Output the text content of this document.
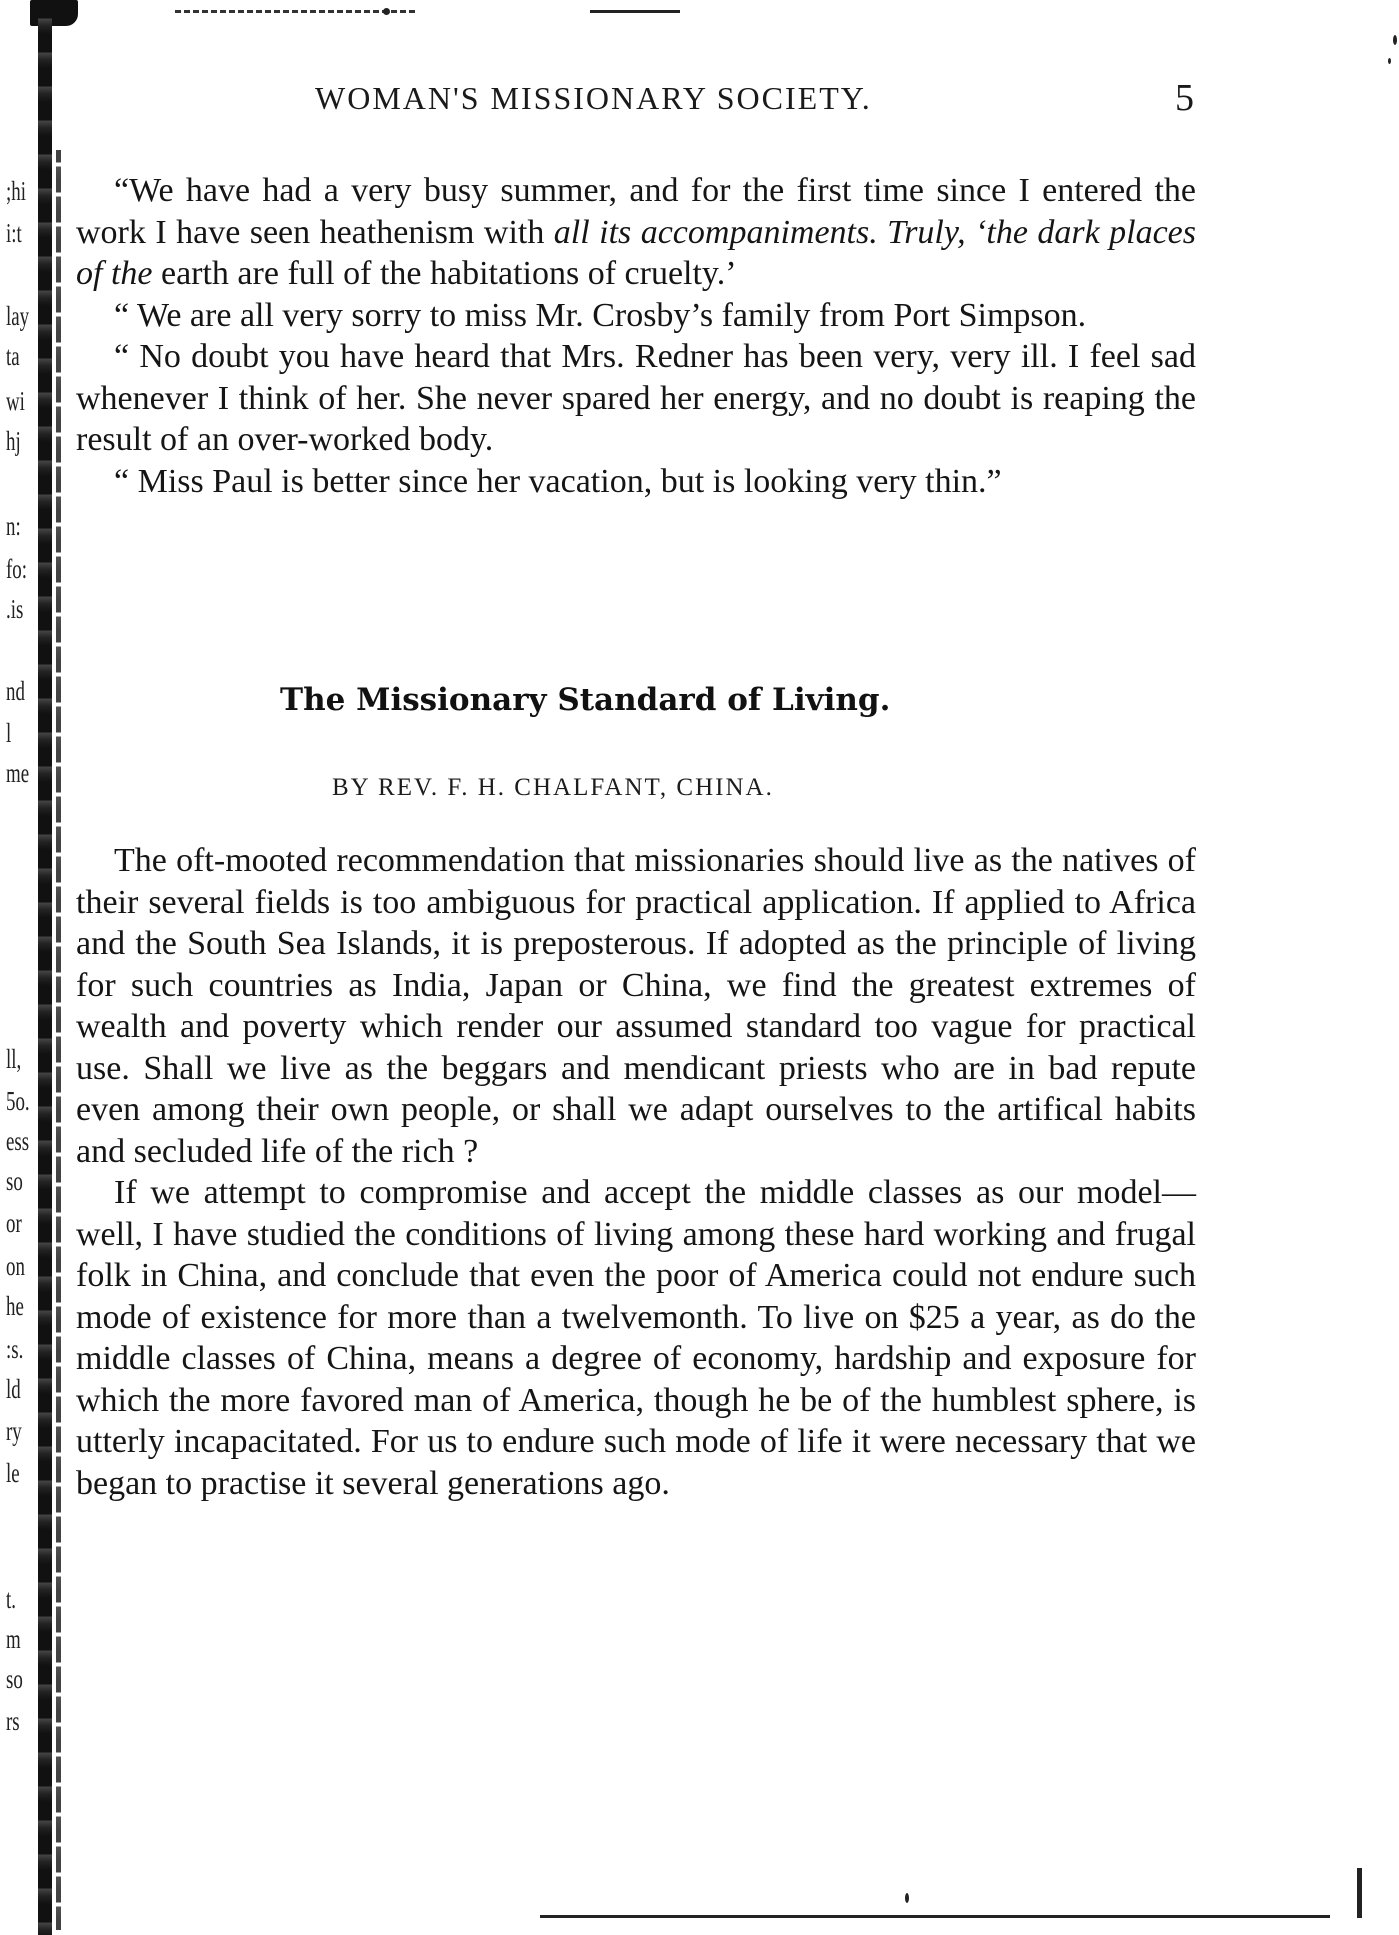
;hi
i:t
lay
ta
wi
hj
n:
fo:
.is
nd
l
me
ll,
5o.
ess
so
or
on
he
:s.
ld
ry
le
t.
m
so
rs
WOMAN'S MISSIONARY SOCIETY.	5

“We have had a very busy summer, and for the first time since I entered the work I have seen heathenism with all its accompaniments. Truly, ‘the dark places of the earth are full of the habitations of cruelty.’

“ We are all very sorry to miss Mr. Crosby’s family from Port Simpson.

“ No doubt you have heard that Mrs. Redner has been very, very ill. I feel sad whenever I think of her. She never spared her energy, and no doubt is reaping the result of an over-worked body.

“ Miss Paul is better since her vacation, but is looking very thin.”

The Missionary Standard of Living.
BY REV. F. H. CHALFANT, CHINA.

The oft-mooted recommendation that missionaries should live as the natives of their several fields is too ambiguous for practical application. If applied to Africa and the South Sea Islands, it is preposterous. If adopted as the principle of living for such countries as India, Japan or China, we find the greatest extremes of wealth and poverty which render our assumed standard too vague for practical use. Shall we live as the beggars and mendicant priests who are in bad repute even among their own people, or shall we adapt ourselves to the artifical habits and secluded life of the rich ?

If we attempt to compromise and accept the middle classes as our model—well, I have studied the conditions of living among these hard working and frugal folk in China, and conclude that even the poor of America could not endure such mode of existence for more than a twelvemonth. To live on $25 a year, as do the middle classes of China, means a degree of economy, hardship and exposure for which the more favored man of America, though he be of the humblest sphere, is utterly incapacitated. For us to endure such mode of life it were necessary that we began to practise it several generations ago.
